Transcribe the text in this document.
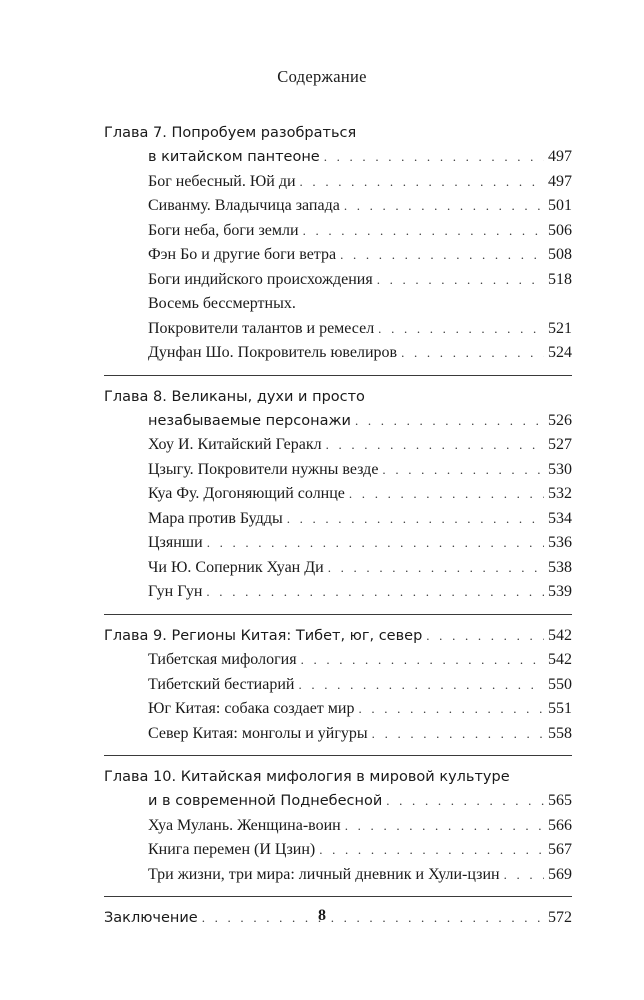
Содержание
Глава 7. Попробуем разобраться
в китайском пантеоне . . .	497
Бог небесный. Юй ди . . .	497
Сиванму. Владычица запада . . .	501
Боги неба, боги земли . . .	506
Фэн Бо и другие боги ветра . . .	508
Боги индийского происхождения . . .	518
Восемь бессмертных.
Покровители талантов и ремесел . . .	521
Дунфан Шо. Покровитель ювелиров . . .	524
Глава 8. Великаны, духи и просто
незабываемые персонажи . . .	526
Хоу И. Китайский Геракл . . .	527
Цзыгу. Покровители нужны везде . . .	530
Куа Фу. Догоняющий солнце . . .	532
Мара против Будды . . .	534
Цзянши . . .	536
Чи Ю. Соперник Хуан Ди . . .	538
Гун Гун . . .	539
Глава 9. Регионы Китая: Тибет, юг, север . . .	542
Тибетская мифология . . .	542
Тибетский бестиарий . . .	550
Юг Китая: собака создает мир . . .	551
Север Китая: монголы и уйгуры . . .	558
Глава 10. Китайская мифология в мировой культуре
и в современной Поднебесной . . .	565
Хуа Мулань. Женщина-воин . . .	566
Книга перемен (И Цзин) . . .	567
Три жизни, три мира: личный дневник и Хули-цзин . . .	569
Заключение . . .	572
8
